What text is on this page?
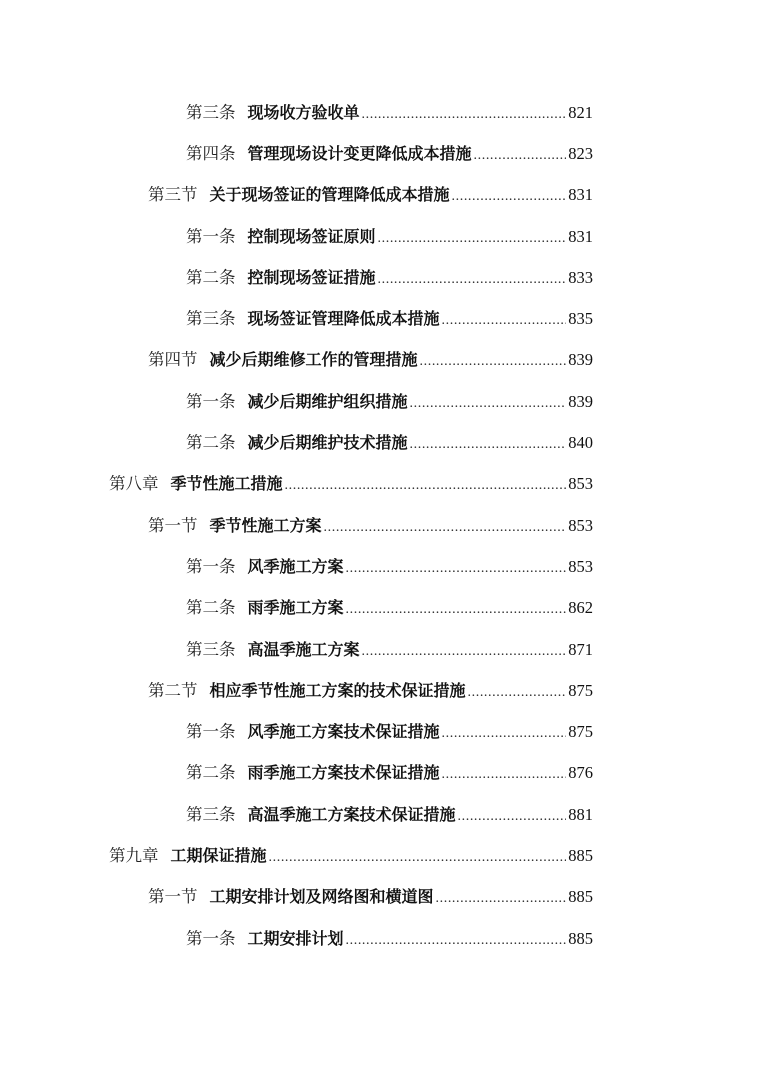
第三条 现场收方验收单 .....	821
第四条 管理现场设计变更降低成本措施 .....	823
第三节 关于现场签证的管理降低成本措施 .....	831
第一条 控制现场签证原则 .....	831
第二条 控制现场签证措施 .....	833
第三条 现场签证管理降低成本措施 .....	835
第四节 减少后期维修工作的管理措施 .....	839
第一条 减少后期维护组织措施 .....	839
第二条 减少后期维护技术措施 .....	840
第八章 季节性施工措施 .....	853
第一节 季节性施工方案 .....	853
第一条 风季施工方案 .....	853
第二条 雨季施工方案 .....	862
第三条 高温季施工方案 .....	871
第二节 相应季节性施工方案的技术保证措施 .....	875
第一条 风季施工方案技术保证措施 .....	875
第二条 雨季施工方案技术保证措施 .....	876
第三条 高温季施工方案技术保证措施 .....	881
第九章 工期保证措施 .....	885
第一节 工期安排计划及网络图和横道图 .....	885
第一条 工期安排计划 .....	885
